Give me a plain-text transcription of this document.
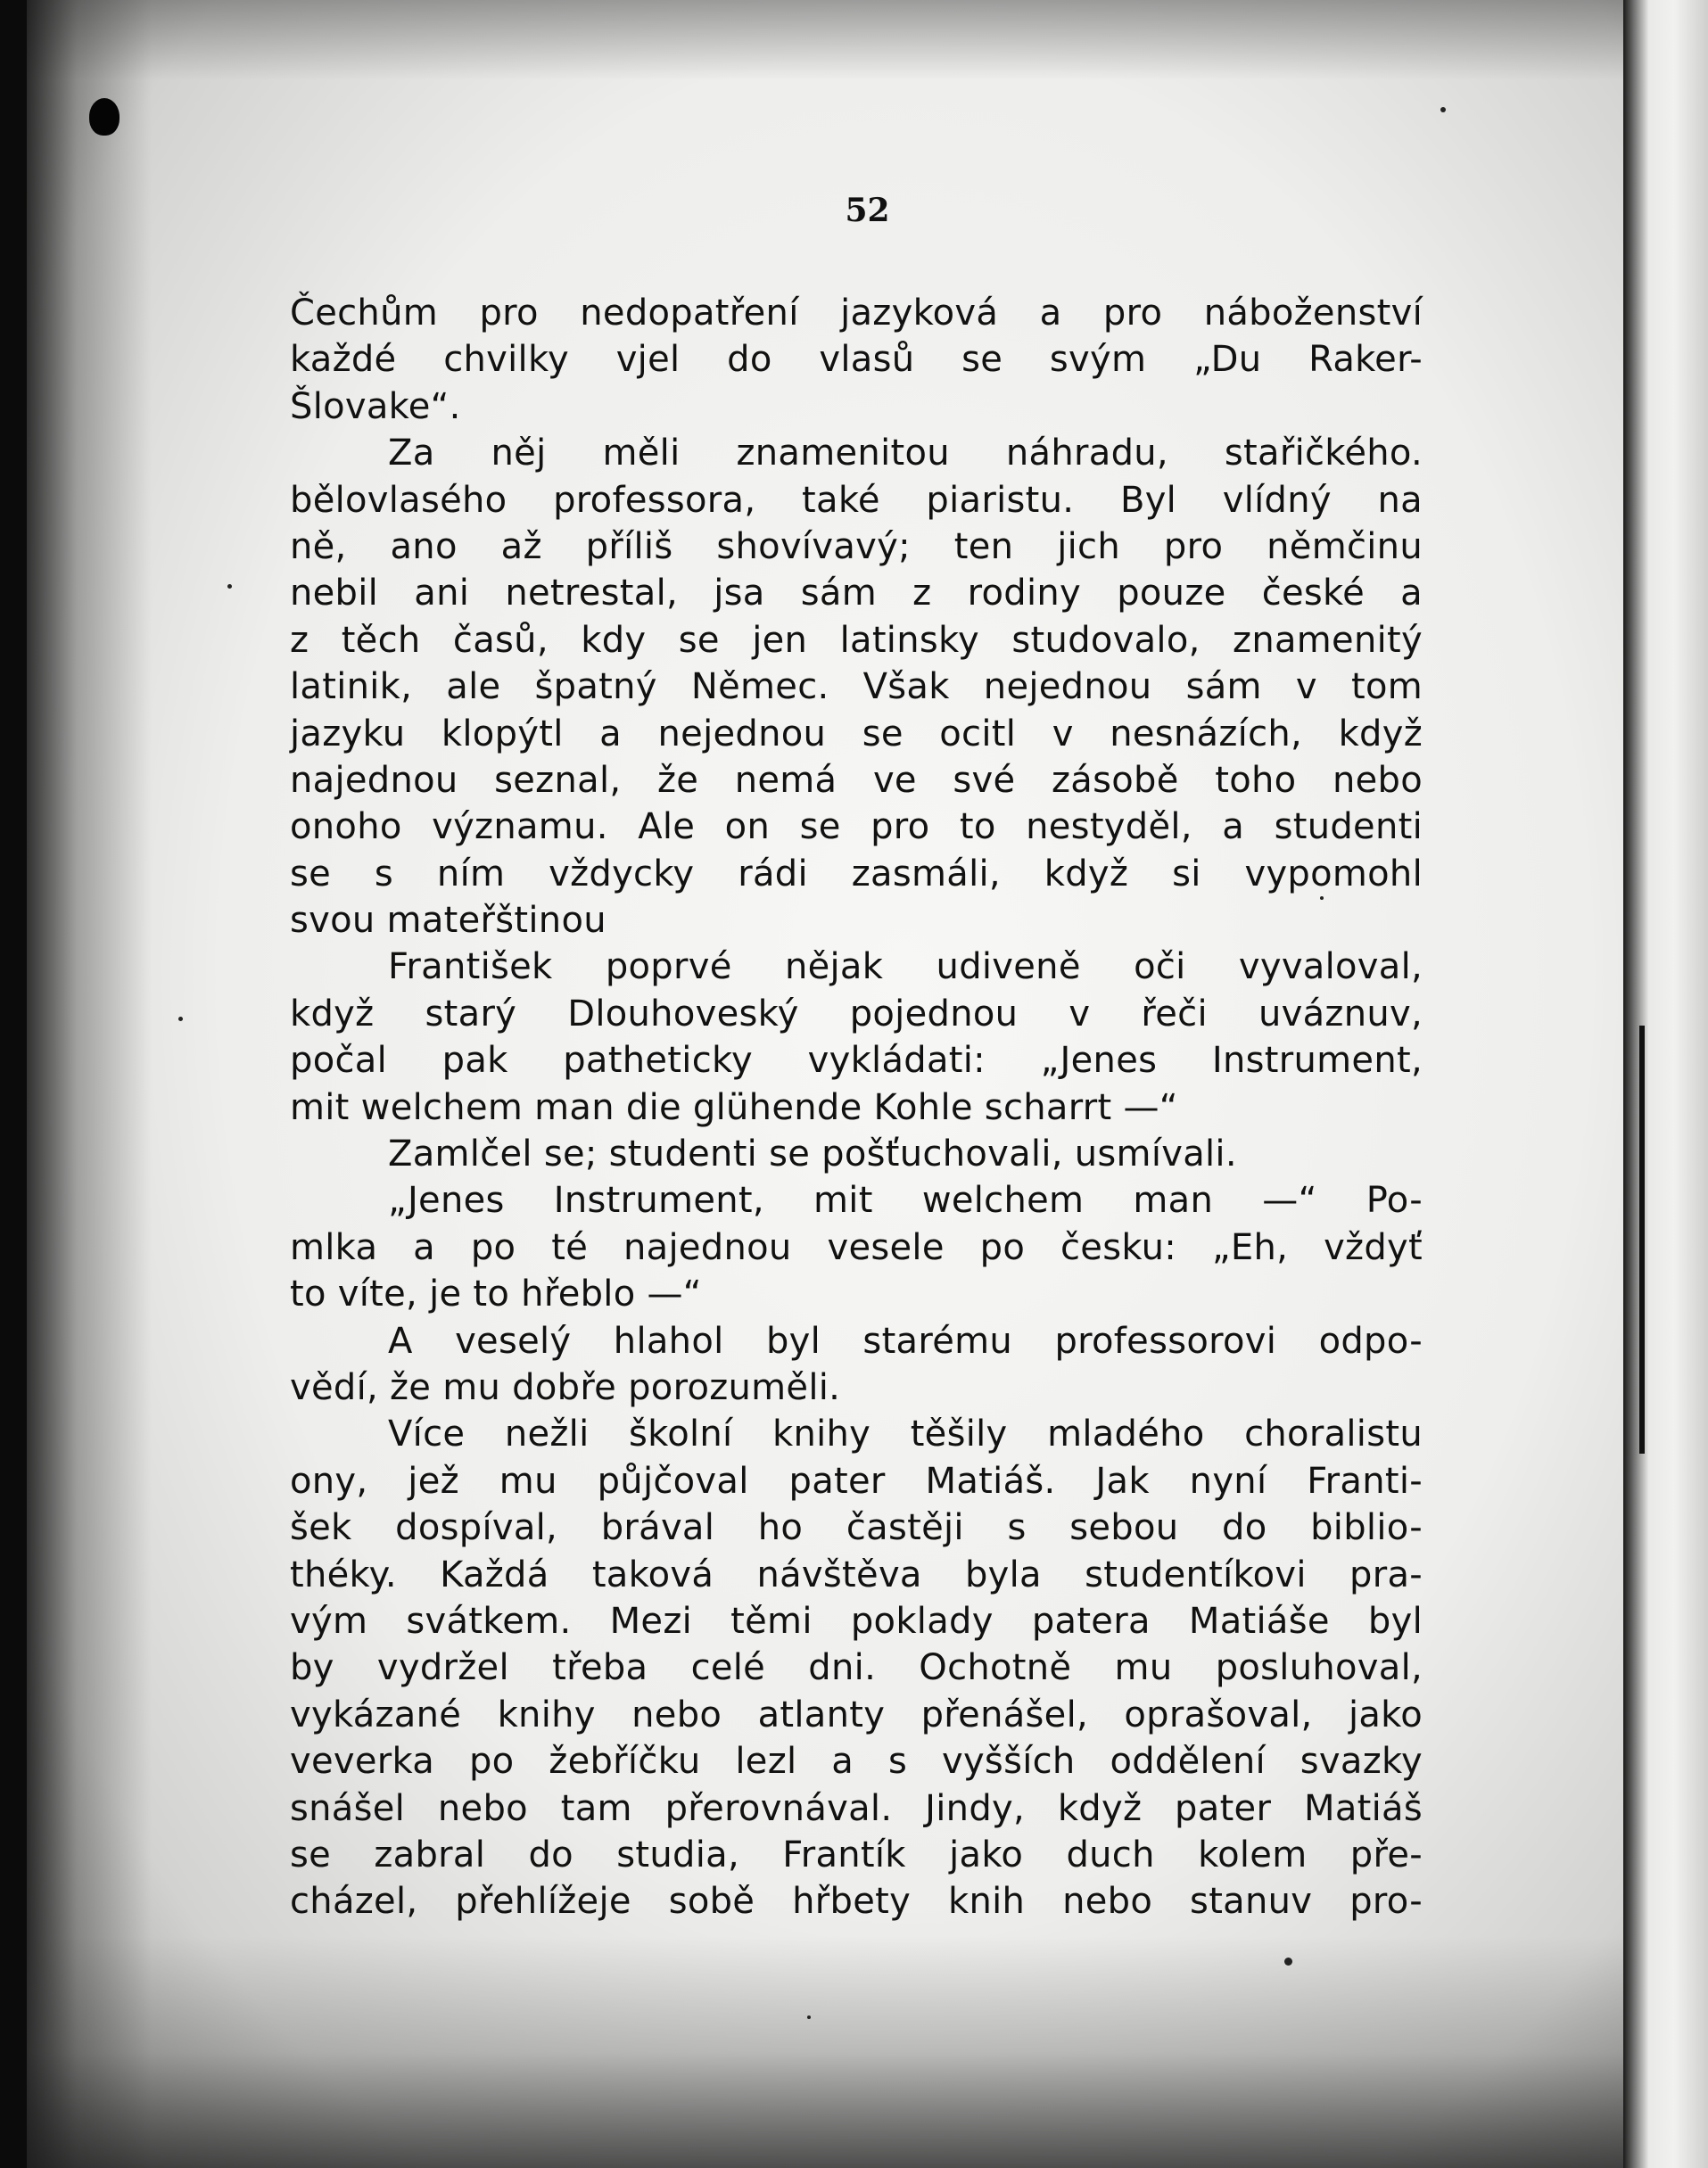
52
Čechům pro nedopatření jazyková a pro náboženství
každé chvilky vjel do vlasů se svým „Du Raker-
Šlovake“.
Za něj měli znamenitou náhradu, stařičkého.
bělovlasého professora, také piaristu. Byl vlídný na
ně, ano až příliš shovívavý; ten jich pro němčinu
nebil ani netrestal, jsa sám z rodiny pouze české a
z těch časů, kdy se jen latinsky studovalo, znamenitý
latinik, ale špatný Němec. Však nejednou sám v tom
jazyku klopýtl a nejednou se ocitl v nesnázích, když
najednou seznal, že nemá ve své zásobě toho nebo
onoho významu. Ale on se pro to nestyděl, a studenti
se s ním vždycky rádi zasmáli, když si vypomohl
svou mateřštinou
František poprvé nějak udiveně oči vyvaloval,
když starý Dlouhoveský pojednou v řeči uváznuv,
počal pak patheticky vykládati: „Jenes Instrument,
mit welchem man die glühende Kohle scharrt —“
Zamlčel se; studenti se pošťuchovali, usmívali.
„Jenes Instrument, mit welchem man —“ Po-
mlka a po té najednou vesele po česku: „Eh, vždyť
to víte, je to hřeblo —“
A veselý hlahol byl starému professorovi odpo-
vědí, že mu dobře porozuměli.
Více nežli školní knihy těšily mladého choralistu
ony, jež mu půjčoval pater Matiáš. Jak nyní Franti-
šek dospíval, brával ho častěji s sebou do biblio-
théky. Každá taková návštěva byla studentíkovi pra-
vým svátkem. Mezi těmi poklady patera Matiáše byl
by vydržel třeba celé dni. Ochotně mu posluhoval,
vykázané knihy nebo atlanty přenášel, oprašoval, jako
veverka po žebříčku lezl a s vyšších oddělení svazky
snášel nebo tam přerovnával. Jindy, když pater Matiáš
se zabral do studia, Frantík jako duch kolem pře-
cházel, přehlížeje sobě hřbety knih nebo stanuv pro-
